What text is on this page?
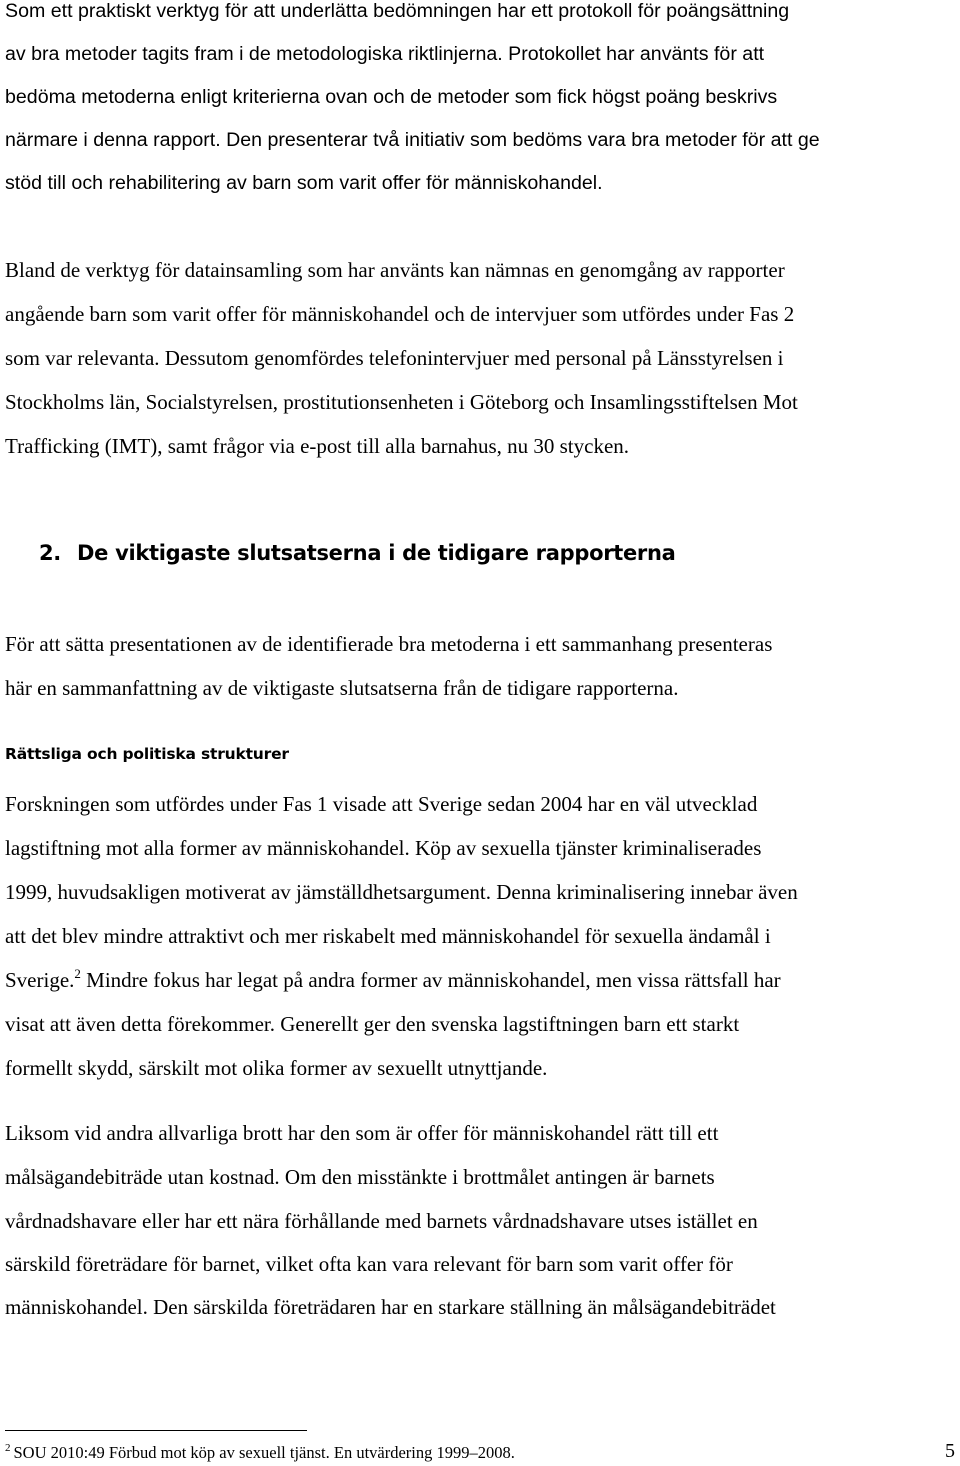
Som ett praktiskt verktyg för att underlätta bedömningen har ett protokoll för poängsättning
av bra metoder tagits fram i de metodologiska riktlinjerna. Protokollet har använts för att
bedöma metoderna enligt kriterierna ovan och de metoder som fick högst poäng beskrivs
närmare i denna rapport. Den presenterar två initiativ som bedöms vara bra metoder för att ge
stöd till och rehabilitering av barn som varit offer för människohandel.
Bland de verktyg för datainsamling som har använts kan nämnas en genomgång av rapporter
angående barn som varit offer för människohandel och de intervjuer som utfördes under Fas 2
som var relevanta. Dessutom genomfördes telefonintervjuer med personal på Länsstyrelsen i
Stockholms län, Socialstyrelsen, prostitutionsenheten i Göteborg och Insamlingsstiftelsen Mot
Trafficking (IMT), samt frågor via e-post till alla barnahus, nu 30 stycken.
2. De viktigaste slutsatserna i de tidigare rapporterna
För att sätta presentationen av de identifierade bra metoderna i ett sammanhang presenteras
här en sammanfattning av de viktigaste slutsatserna från de tidigare rapporterna.
Rättsliga och politiska strukturer
Forskningen som utfördes under Fas 1 visade att Sverige sedan 2004 har en väl utvecklad
lagstiftning mot alla former av människohandel. Köp av sexuella tjänster kriminaliserades
1999, huvudsakligen motiverat av jämställdhetsargument. Denna kriminalisering innebar även
att det blev mindre attraktivt och mer riskabelt med människohandel för sexuella ändamål i
Sverige.$^2$ Mindre fokus har legat på andra former av människohandel, men vissa rättsfall har
visat att även detta förekommer. Generellt ger den svenska lagstiftningen barn ett starkt
formellt skydd, särskilt mot olika former av sexuellt utnyttjande.
Liksom vid andra allvarliga brott har den som är offer för människohandel rätt till ett
målsägandebiträde utan kostnad. Om den misstänkte i brottmålet antingen är barnets
vårdnadshavare eller har ett nära förhållande med barnets vårdnadshavare utses istället en
särskild företrädare för barnet, vilket ofta kan vara relevant för barn som varit offer för
människohandel. Den särskilda företrädaren har en starkare ställning än målsägandebiträdet
$^2$ SOU 2010:49 Förbud mot köp av sexuell tjänst. En utvärdering 1999–2008.	5
